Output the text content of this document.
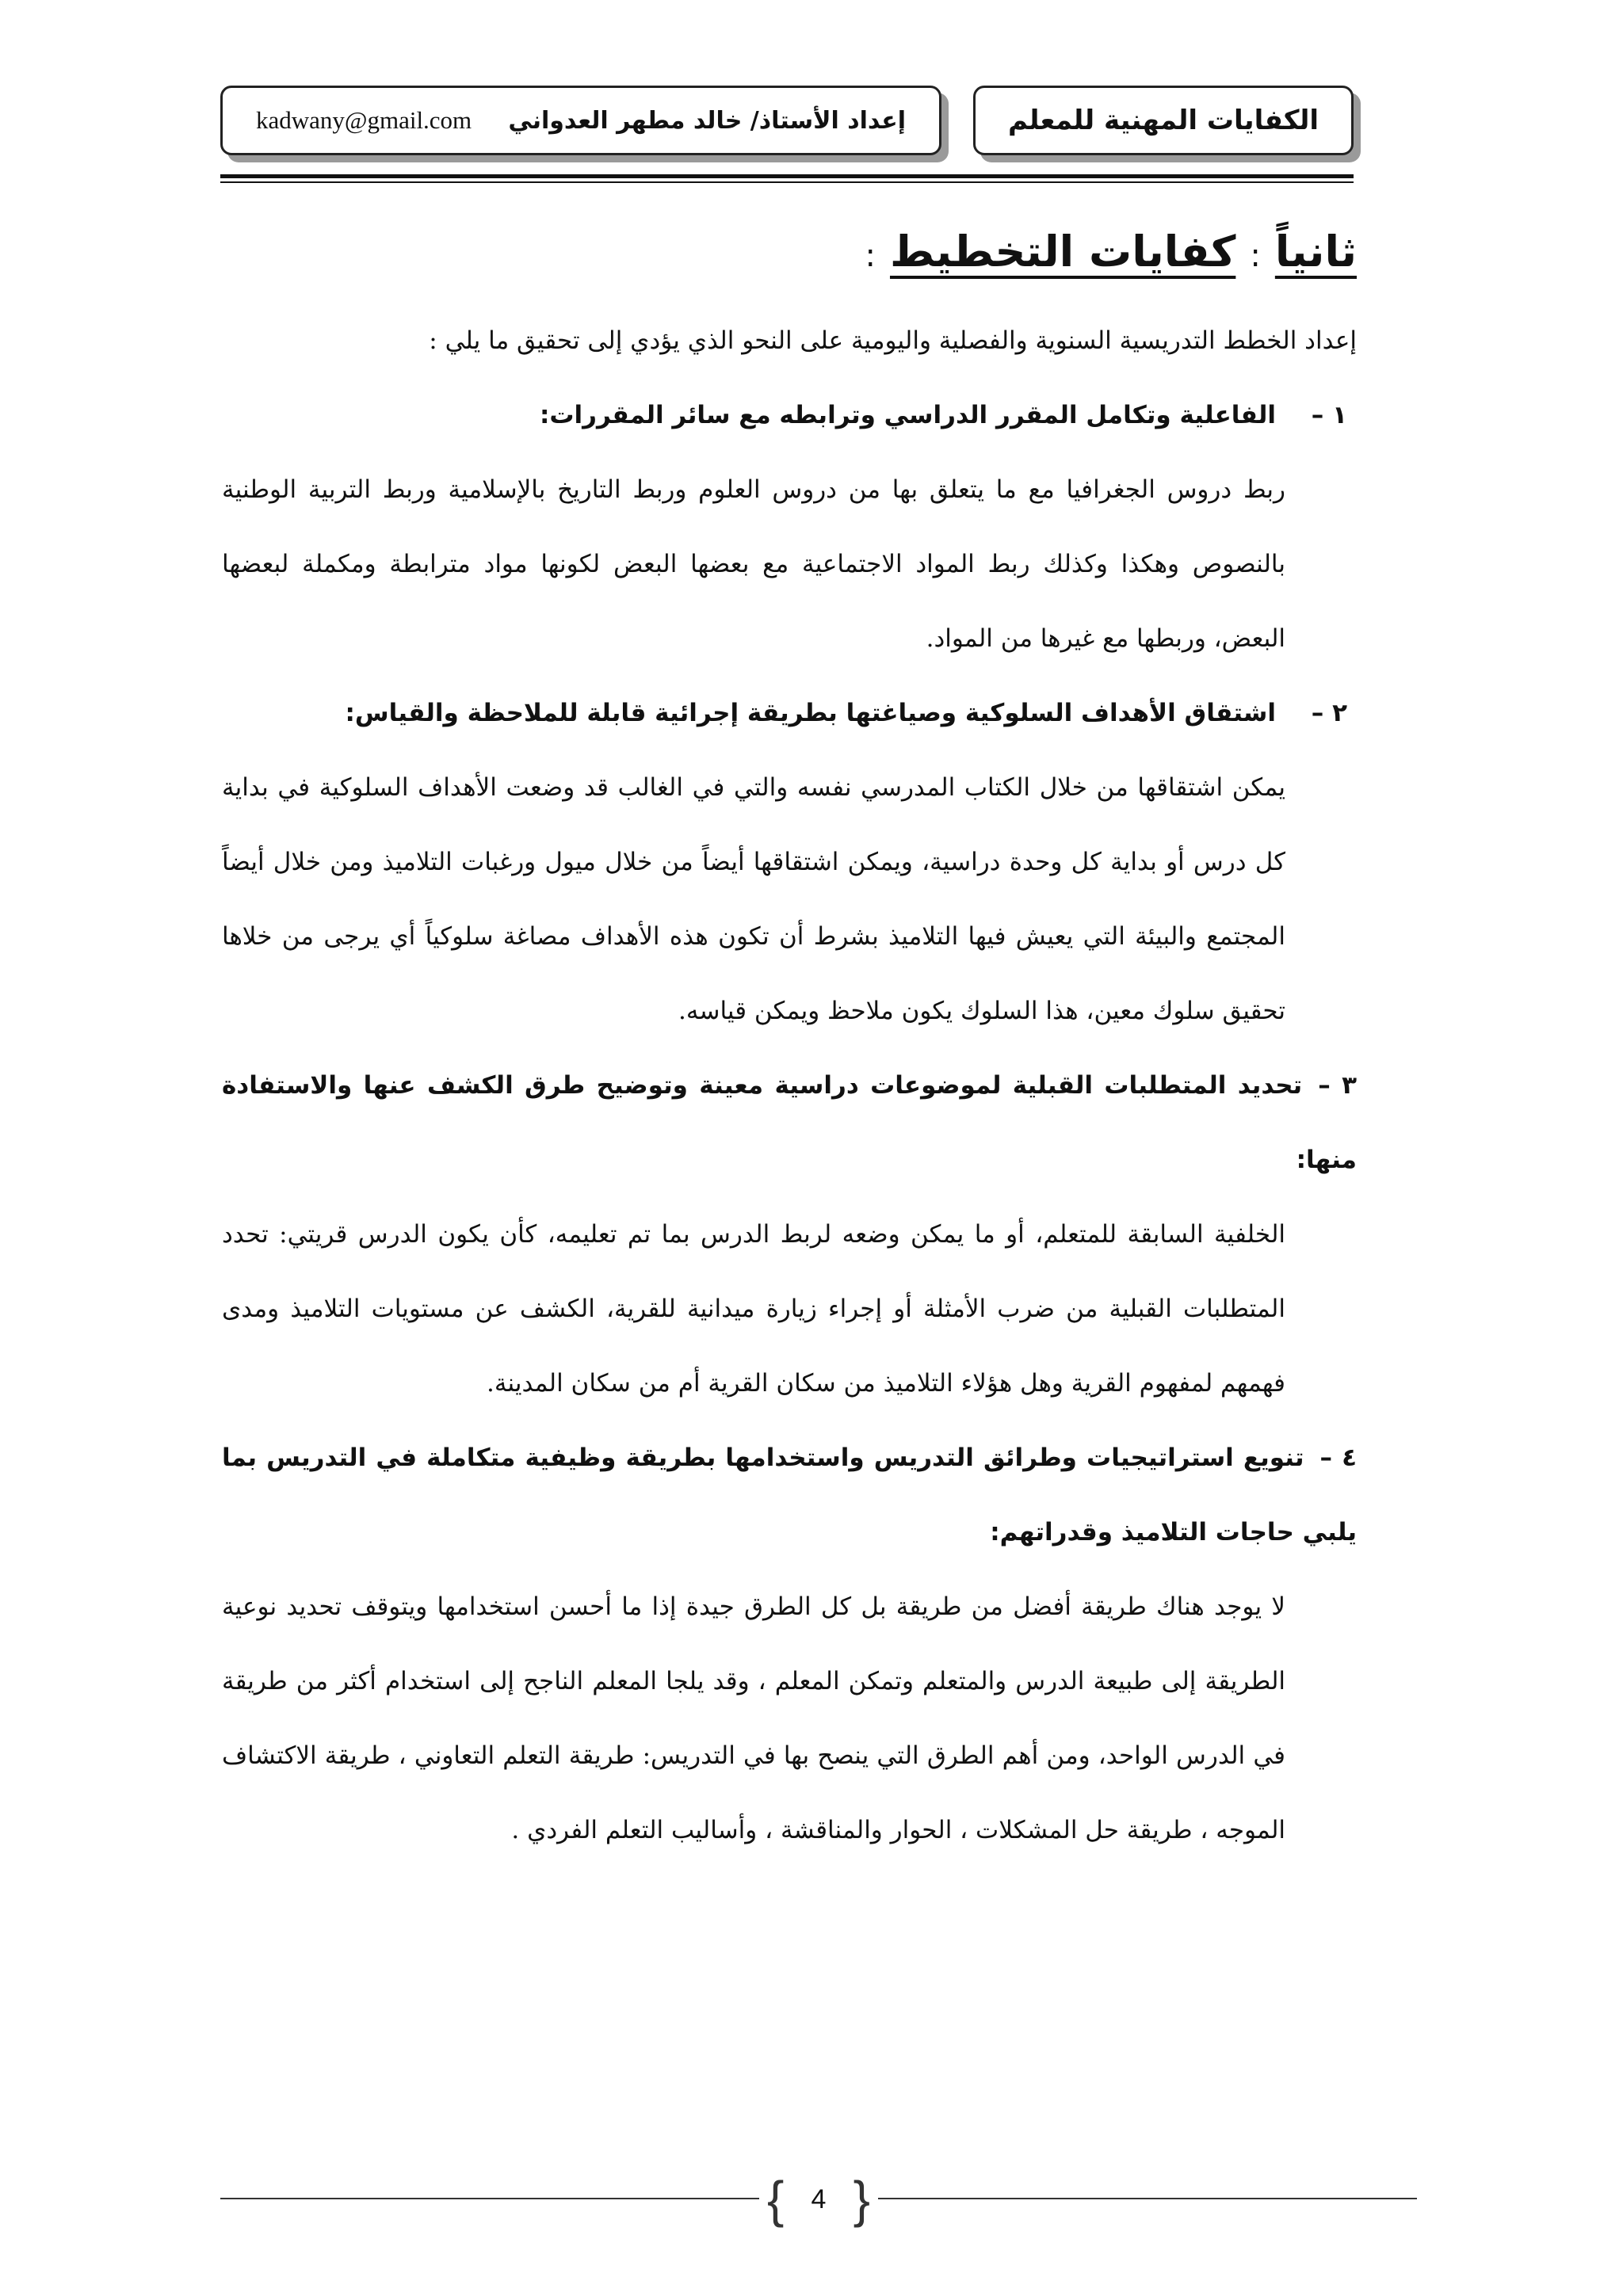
kadwany@gmail.com إعداد الأستاذ/ خالد مطهر العدواني	الكفايات المهنية للمعلم
ثانياً:كفايات التخطيط:

إعداد الخطط التدريسية السنوية والفصلية واليومية على النحو الذي يؤدي إلى تحقيق ما يلي :

١ –
الفاعلية وتكامل المقرر الدراسي وترابطه مع سائر المقررات:

ربط دروس الجغرافيا مع ما يتعلق بها من دروس العلوم وربط التاريخ بالإسلامية وربط التربية الوطنية بالنصوص وهكذا وكذلك ربط المواد الاجتماعية مع بعضها البعض لكونها مواد مترابطة ومكملة لبعضها البعض، وربطها مع غيرها من المواد.

٢ –
اشتقاق الأهداف السلوكية وصياغتها بطريقة إجرائية قابلة للملاحظة والقياس:

يمكن اشتقاقها من خلال الكتاب المدرسي نفسه والتي في الغالب قد وضعت الأهداف السلوكية في بداية كل درس أو بداية كل وحدة دراسية، ويمكن اشتقاقها أيضاً من خلال ميول ورغبات التلاميذ ومن خلال أيضاً المجتمع والبيئة التي يعيش فيها التلاميذ بشرط أن تكون هذه الأهداف مصاغة سلوكياً أي يرجى من خلاها تحقيق سلوك معين، هذا السلوك يكون ملاحظ ويمكن قياسه.

٣ –تحديد المتطلبات القبلية لموضوعات دراسية معينة وتوضيح طرق الكشف عنها والاستفادة منها:

الخلفية السابقة للمتعلم، أو ما يمكن وضعه لربط الدرس بما تم تعليمه، كأن يكون الدرس قريتي: تحدد المتطلبات القبلية من ضرب الأمثلة أو إجراء زيارة ميدانية للقرية، الكشف عن مستويات التلاميذ ومدى فهمهم لمفهوم القرية وهل هؤلاء التلاميذ من سكان القرية أم من سكان المدينة.

٤ –تنويع استراتيجيات وطرائق التدريس واستخدامها بطريقة وظيفية متكاملة في التدريس بما يلبي حاجات التلاميذ وقدراتهم:

لا يوجد هناك طريقة أفضل من طريقة بل كل الطرق جيدة إذا ما أحسن استخدامها ويتوقف تحديد نوعية الطريقة إلى طبيعة الدرس والمتعلم وتمكن المعلم ، وقد يلجا المعلم الناجح إلى استخدام أكثر من طريقة في الدرس الواحد، ومن أهم الطرق التي ينصح بها في التدريس: طريقة التعلم التعاوني ، طريقة الاكتشاف الموجه ، طريقة حل المشكلات ، الحوار والمناقشة ، وأساليب التعلم الفردي .

{ 4 }
